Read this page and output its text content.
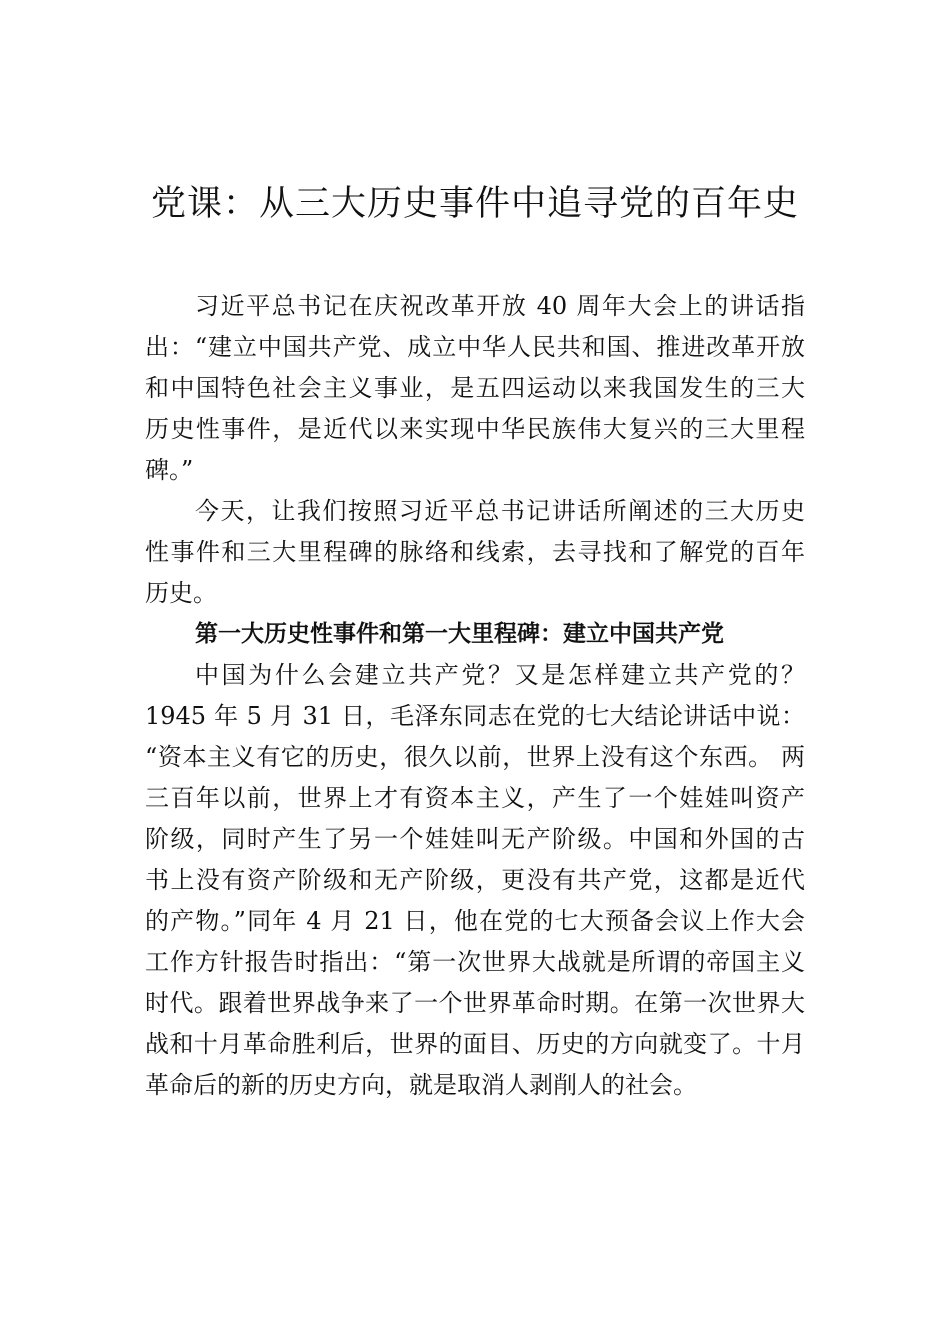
党课：从三大历史事件中追寻党的百年史
习近平总书记在庆祝改革开放 40 周年大会上的讲话指
出：“建立中国共产党、成立中华人民共和国、推进改革开放
和中国特色社会主义事业，是五四运动以来我国发生的三大
历史性事件，是近代以来实现中华民族伟大复兴的三大里程
碑。”
今天，让我们按照习近平总书记讲话所阐述的三大历史
性事件和三大里程碑的脉络和线索，去寻找和了解党的百年
历史。
第一大历史性事件和第一大里程碑：建立中国共产党
中国为什么会建立共产党？又是怎样建立共产党的？
1945 年 5 月 31 日，毛泽东同志在党的七大结论讲话中说：
“资本主义有它的历史，很久以前，世界上没有这个东西。 两
三百年以前，世界上才有资本主义，产生了一个娃娃叫资产
阶级，同时产生了另一个娃娃叫无产阶级。中国和外国的古
书上没有资产阶级和无产阶级，更没有共产党，这都是近代
的产物。”同年 4 月 21 日，他在党的七大预备会议上作大会
工作方针报告时指出：“第一次世界大战就是所谓的帝国主义
时代。跟着世界战争来了一个世界革命时期。在第一次世界大
战和十月革命胜利后，世界的面目、历史的方向就变了。十月
革命后的新的历史方向，就是取消人剥削人的社会。
